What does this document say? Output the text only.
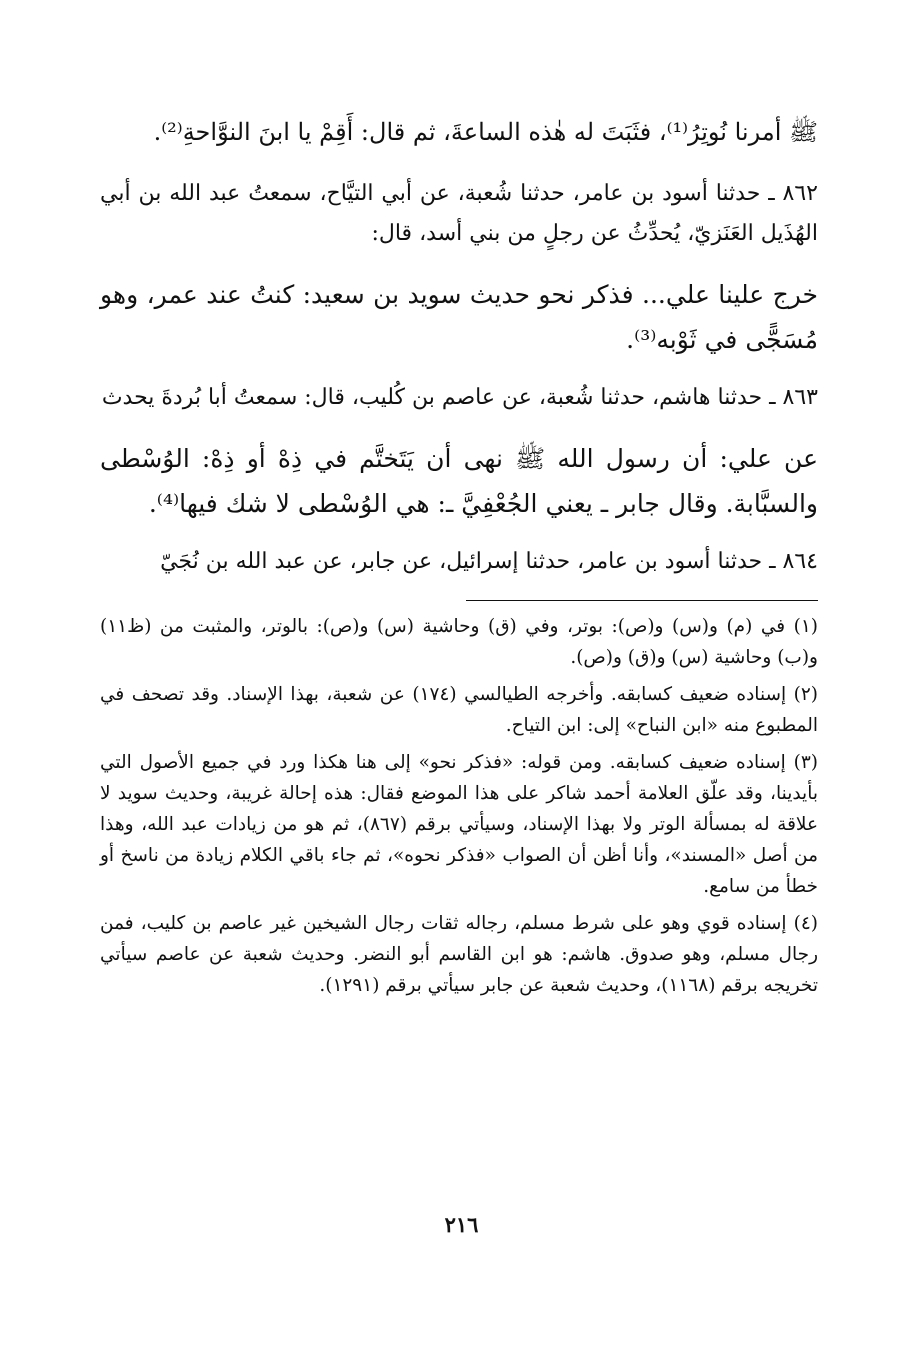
ﷺ أمرنا نُوتِرُ⁽¹⁾، فثَبَتَ له هٰذه الساعةَ، ثم قال: أَقِمْ يا ابنَ النوَّاحةِ⁽²⁾.

٨٦٢ ـ حدثنا أسود بن عامر، حدثنا شُعبة، عن أبي التيَّاح، سمعتُ عبد الله بن أبي الهُذَيل العَنَزيّ، يُحدِّثُ عن رجلٍ من بني أسد، قال:

خرج علينا علي... فذكر نحو حديث سويد بن سعيد: كنتُ عند عمر، وهو مُسَجًّى في ثَوْبه⁽³⁾.

٨٦٣ ـ حدثنا هاشم، حدثنا شُعبة، عن عاصم بن كُليب، قال: سمعتُ أبا بُردةَ يحدث

عن علي: أن رسول الله ﷺ نهى أن يَتَختَّم في ذِهْ أو ذِهْ: الوُسْطى والسبَّابة. وقال جابر ـ يعني الجُعْفِيَّ ـ: هي الوُسْطى لا شك فيها⁽⁴⁾.

٨٦٤ ـ حدثنا أسود بن عامر، حدثنا إسرائيل، عن جابر، عن عبد الله بن نُجَيّ

(١) في (م) و(س) و(ص): بوتر، وفي (ق) وحاشية (س) و(ص): بالوتر، والمثبت من (ظ١١) و(ب) وحاشية (س) و(ق) و(ص).

(٢) إسناده ضعيف كسابقه. وأخرجه الطيالسي (١٧٤) عن شعبة، بهذا الإسناد. وقد تصحف في المطبوع منه «ابن النباح» إلى: ابن التياح.

(٣) إسناده ضعيف كسابقه. ومن قوله: «فذكر نحو» إلى هنا هكذا ورد في جميع الأصول التي بأيدينا، وقد علّق العلامة أحمد شاكر على هذا الموضع فقال: هذه إحالة غريبة، وحديث سويد لا علاقة له بمسألة الوتر ولا بهذا الإسناد، وسيأتي برقم (٨٦٧)، ثم هو من زيادات عبد الله، وهذا من أصل «المسند»، وأنا أظن أن الصواب «فذكر نحوه»، ثم جاء باقي الكلام زيادة من ناسخ أو خطأ من سامع.

(٤) إسناده قوي وهو على شرط مسلم، رجاله ثقات رجال الشيخين غير عاصم بن كليب، فمن رجال مسلم، وهو صدوق. هاشم: هو ابن القاسم أبو النضر. وحديث شعبة عن عاصم سيأتي تخريجه برقم (١١٦٨)، وحديث شعبة عن جابر سيأتي برقم (١٢٩١).

٢١٦
